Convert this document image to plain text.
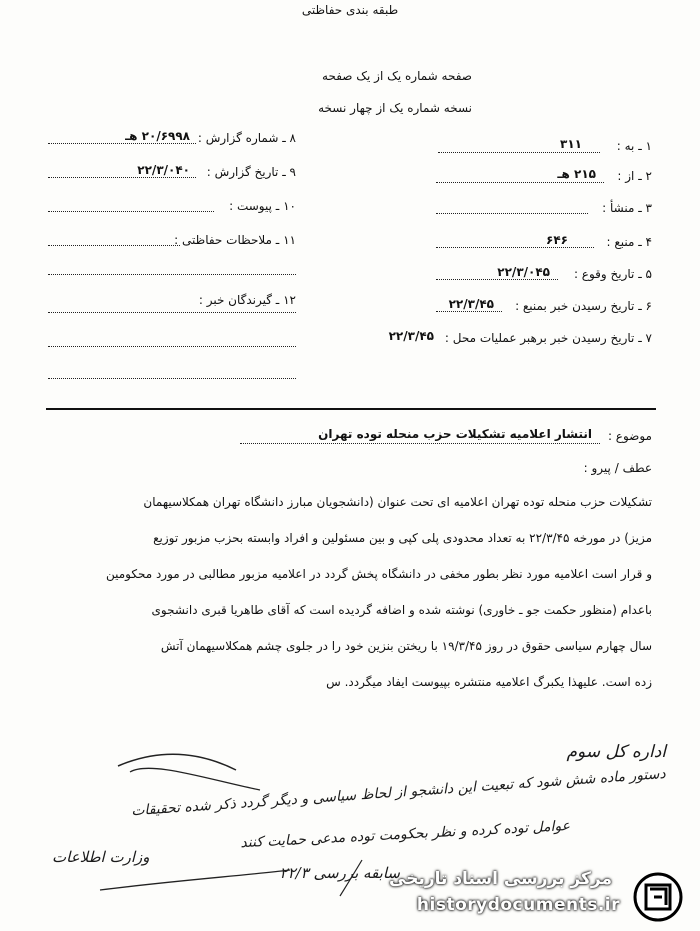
طبقه بندی حفاظتی
صفحه شماره یک از یک صفحه
نسخه شماره یک از چهار نسخه
۱ ـ به :
۳۱۱
۲ ـ از :
۲۱۵ هـ
۳ ـ منشأ :
۴ ـ منبع :
۶۴۶
۵ ـ تاریخ وقوع :
۲۲/۳/۰۴۵
۶ ـ تاریخ رسیدن خبر بمنبع :
۲۲/۳/۴۵
۷ ـ تاریخ رسیدن خبر برهبر عملیات محل :
۲۲/۳/۴۵
۸ ـ شماره گزارش :
۲۰/۶۹۹۸ هـ
۹ ـ تاریخ گزارش :
۲۲/۳/۰۴۰
۱۰ ـ پیوست :
۱۱ ـ ملاحظات حفاظتی :
۱۲ ـ گیرندگان خبر :
موضوع :
انتشار اعلامیه تشکیلات حزب منحله توده تهران
عطف / پیرو :
تشکیلات حزب منحله توده تهران اعلامیه ای تحت عنوان (دانشجویان مبارز دانشگاه تهران همکلاسیهمان
مزیز) در مورخه ۲۲/۳/۴۵ به تعداد محدودی پلی کپی و بین مسئولین و افراد وابسته بحزب مزبور توزیع
و قرار است اعلامیه مورد نظر بطور مخفی در دانشگاه پخش گردد در اعلامیه مزبور مطالبی در مورد محکومین
باعدام (منظور حکمت جو ـ خاوری) نوشته شده و اضافه گردیده است که آقای طاهریا قبری دانشجوی
سال چهارم سیاسی حقوق در روز ۱۹/۳/۴۵ با ریختن بنزین خود را در جلوی چشم همکلاسیهمان آتش
زده است. علیهذا یکبرگ اعلامیه منتشره بپیوست ایفاد میگردد. س
اداره کل سوم
دستور ماده شش شود که تبعیت این دانشجو از لحاظ سیاسی و دیگر گردد ذکر شده تحقیقات
عوامل توده کرده و نظر بحکومت توده مدعی حمایت کنند
سابقه بررسی ۲۲/۳
وزارت اطلاعات
مرکز بررسی اسناد تاریخی
historydocuments.ir
